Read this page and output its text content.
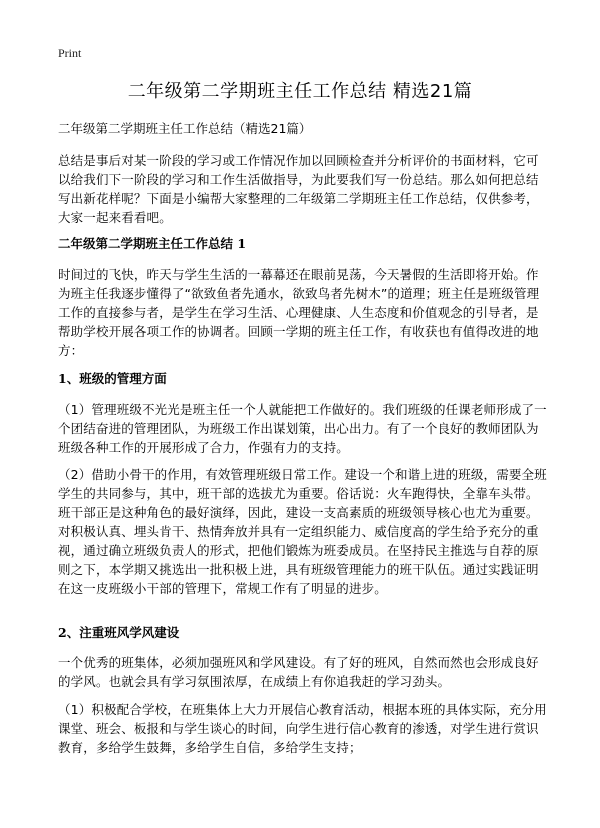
Print
二年级第二学期班主任工作总结 精选21篇
二年级第二学期班主任工作总结（精选21篇）

总结是事后对某一阶段的学习或工作情况作加以回顾检查并分析评价的书面材料，它可以给我们下一阶段的学习和工作生活做指导，为此要我们写一份总结。那么如何把总结写出新花样呢？下面是小编帮大家整理的二年级第二学期班主任工作总结，仅供参考，大家一起来看看吧。

二年级第二学期班主任工作总结 1

时间过的飞快，昨天与学生生活的一幕幕还在眼前晃荡，今天暑假的生活即将开始。作为班主任我逐步懂得了“欲致鱼者先通水，欲致鸟者先树木”的道理；班主任是班级管理工作的直接参与者，是学生在学习生活、心理健康、人生态度和价值观念的引导者，是帮助学校开展各项工作的协调者。回顾一学期的班主任工作，有收获也有值得改进的地方：

1、班级的管理方面

（1）管理班级不光光是班主任一个人就能把工作做好的。我们班级的任课老师形成了一个团结奋进的管理团队，为班级工作出谋划策，出心出力。有了一个良好的教师团队为班级各种工作的开展形成了合力，作强有力的支持。

（2）借助小骨干的作用，有效管理班级日常工作。建设一个和谐上进的班级，需要全班学生的共同参与，其中，班干部的选拔尤为重要。俗话说：火车跑得快，全靠车头带。班干部正是这种角色的最好演绎，因此，建设一支高素质的班级领导核心也尤为重要。对积极认真、埋头肯干、热情奔放并具有一定组织能力、威信度高的学生给予充分的重视，通过确立班级负责人的形式，把他们锻炼为班委成员。在坚持民主推选与自荐的原则之下，本学期又挑选出一批积极上进，具有班级管理能力的班干队伍。通过实践证明在这一皮班级小干部的管理下，常规工作有了明显的进步。

2、注重班风学风建设

一个优秀的班集体，必须加强班风和学风建设。有了好的班风，自然而然也会形成良好的学风。也就会具有学习氛围浓厚，在成绩上有你追我赶的学习劲头。

（1）积极配合学校，在班集体上大力开展信心教育活动，根据本班的具体实际，充分用课堂、班会、板报和与学生谈心的时间，向学生进行信心教育的渗透，对学生进行赏识教育，多给学生鼓舞，多给学生自信，多给学生支持；
